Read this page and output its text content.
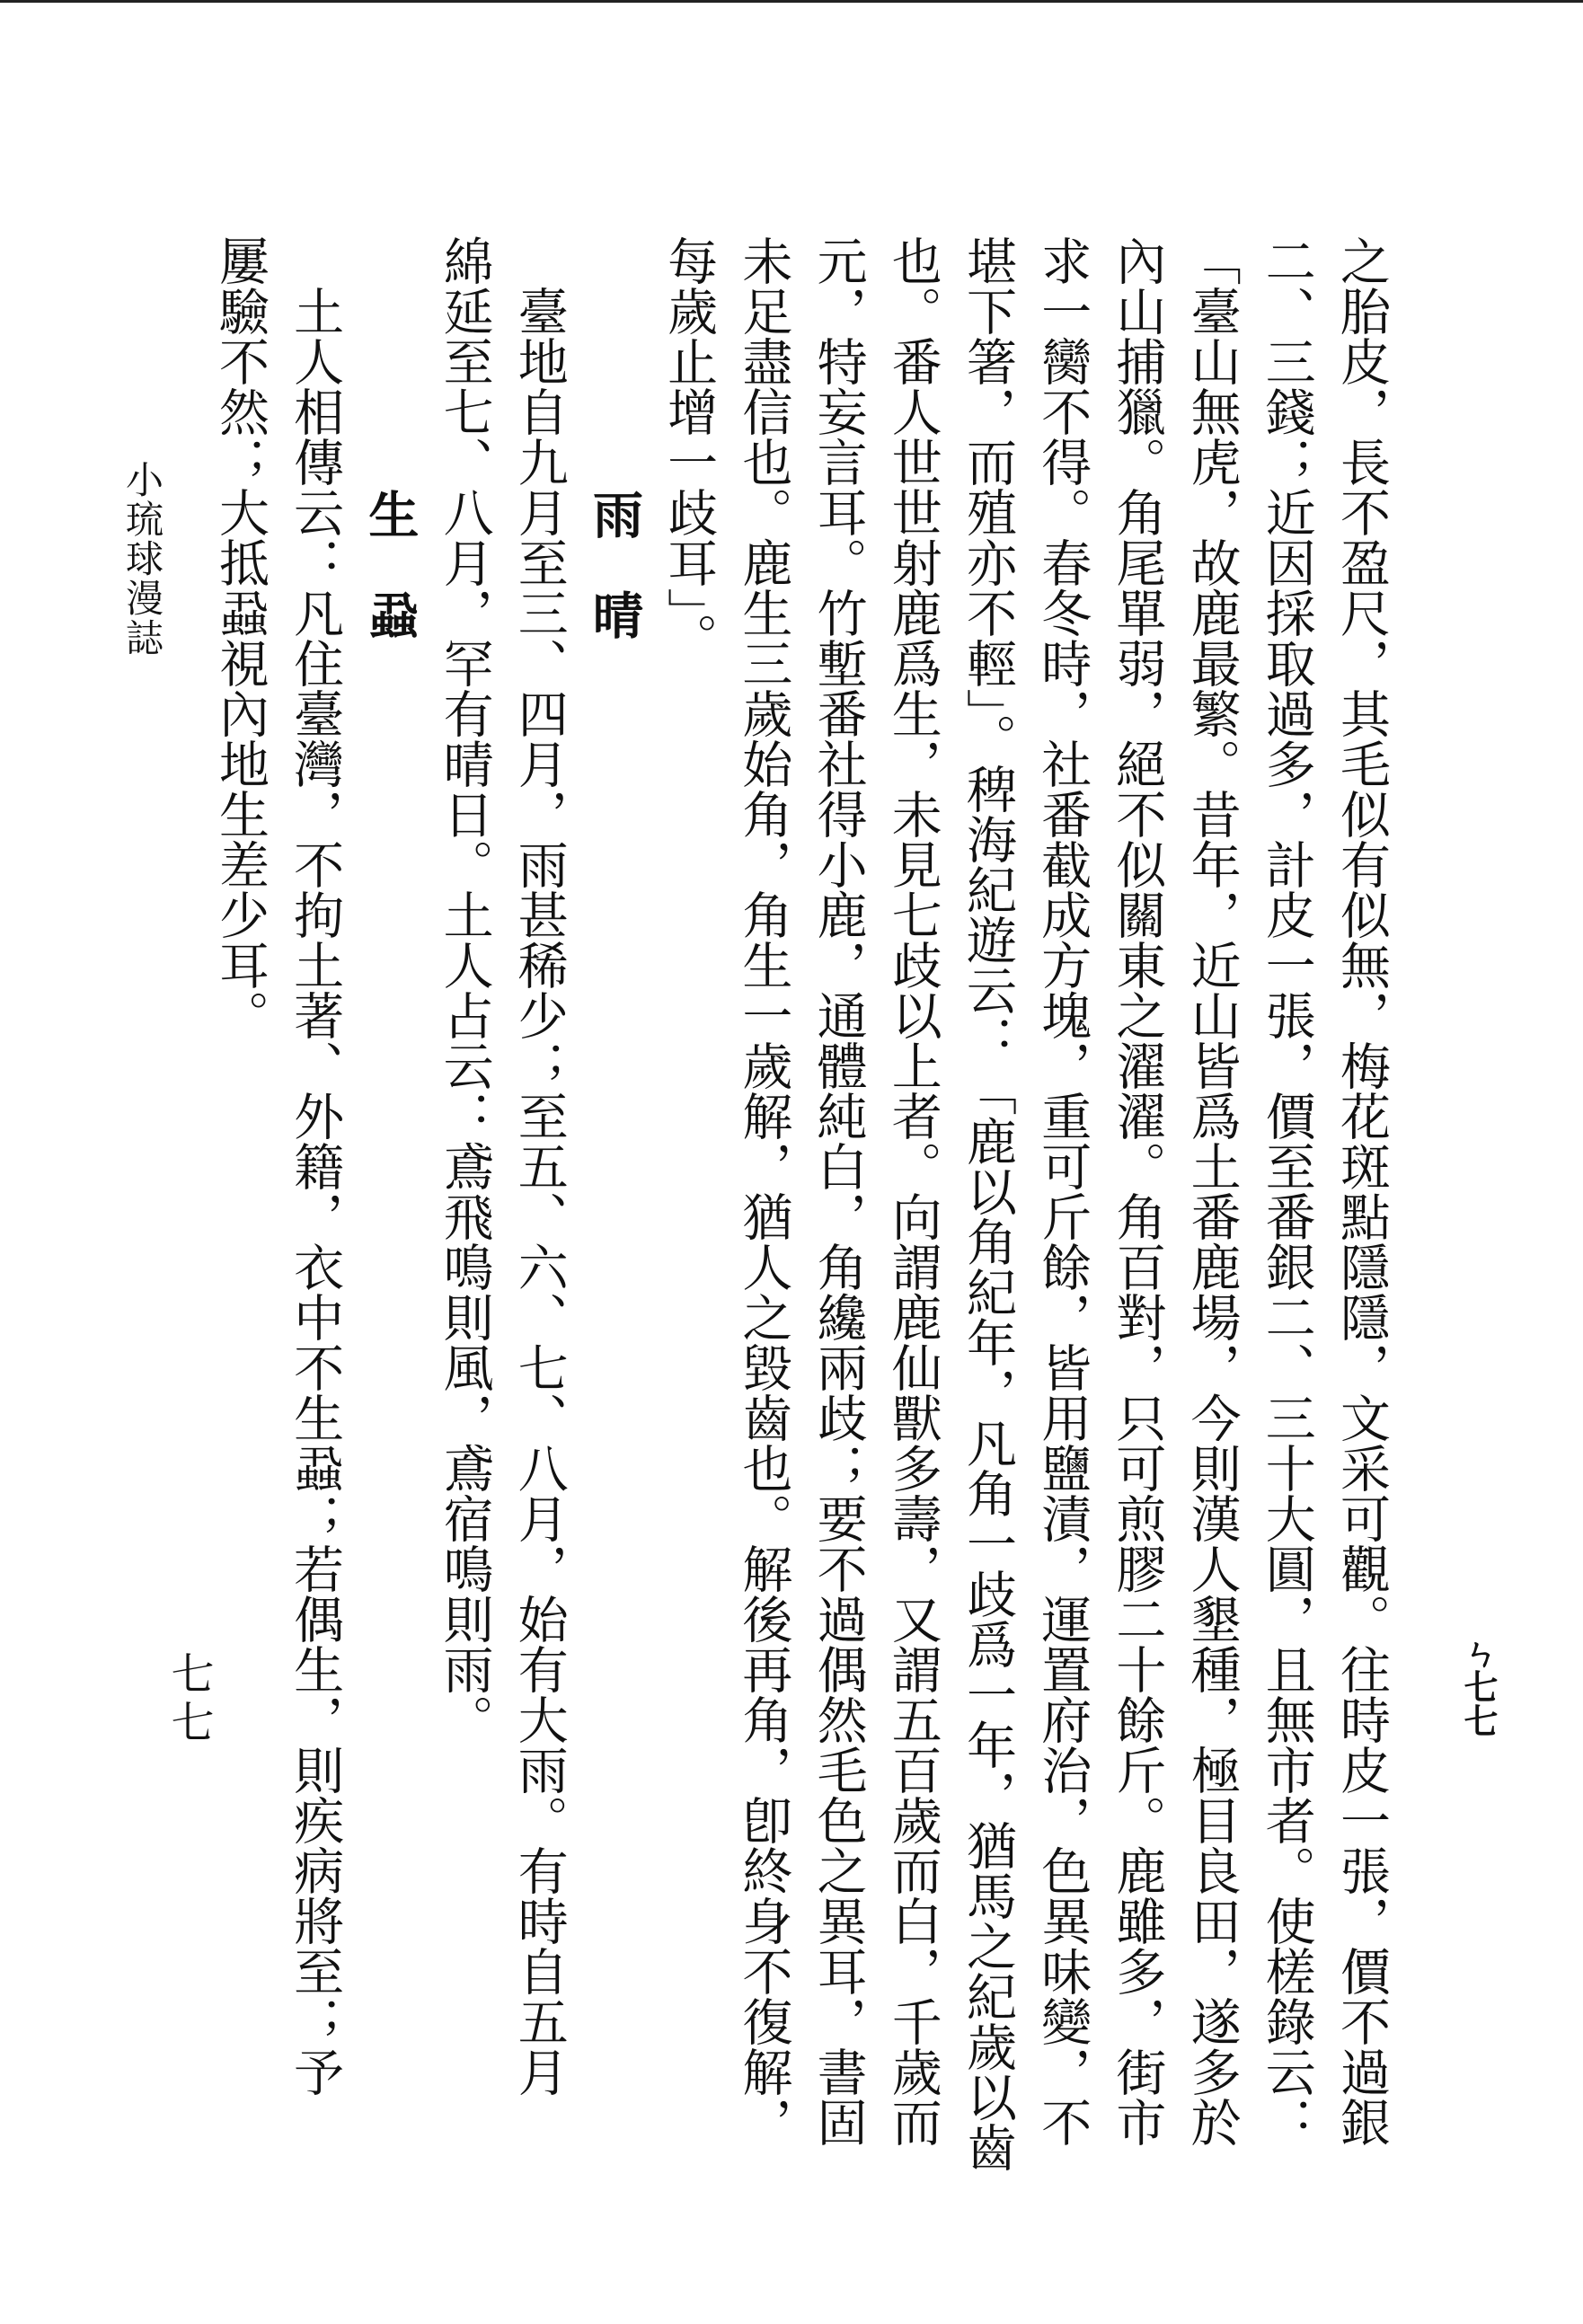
之胎皮，長不盈尺，其毛似有似無，梅花斑點隱隱，文采可觀。往時皮一張，價不過銀
二、三錢；近因採取過多，計皮一張，價至番銀二、三十大圓，且無市者。使槎錄云：
「臺山無虎，故鹿最繁。昔年，近山皆爲土番鹿場，今則漢人墾種，極目良田，遂多於
內山捕獵。角尾單弱，絕不似關東之濯濯。角百對，只可煎膠二十餘斤。鹿雖多，街市
求一臠不得。春冬時，社番截成方塊，重可斤餘，皆用鹽漬，運置府治，色異味變，不
堪下箸，而殖亦不輕」。稗海紀遊云：「鹿以角紀年，凡角一歧爲一年，猶馬之紀歲以齒
也。番人世世射鹿爲生，未見七歧以上者。向謂鹿仙獸多壽，又謂五百歲而白，千歲而
元，特妄言耳。竹塹番社得小鹿，通體純白，角纔兩歧；要不過偶然毛色之異耳，書固
未足盡信也。鹿生三歲始角，角生一歲解，猶人之毀齒也。解後再角，卽終身不復解，
每歲止增一歧耳」。
雨　晴
　臺地自九月至三、四月，雨甚稀少；至五、六、七、八月，始有大雨。有時自五月
綿延至七、八月，罕有晴日。土人占云：鳶飛鳴則風，鳶宿鳴則雨。
生　蝨
　土人相傳云：凡住臺灣，不拘土著、外籍，衣中不生蝨；若偶生，則疾病將至；予
屢驗不然；大抵蝨視內地生差少耳。
小琉球漫誌
七七	ㄣ七七
